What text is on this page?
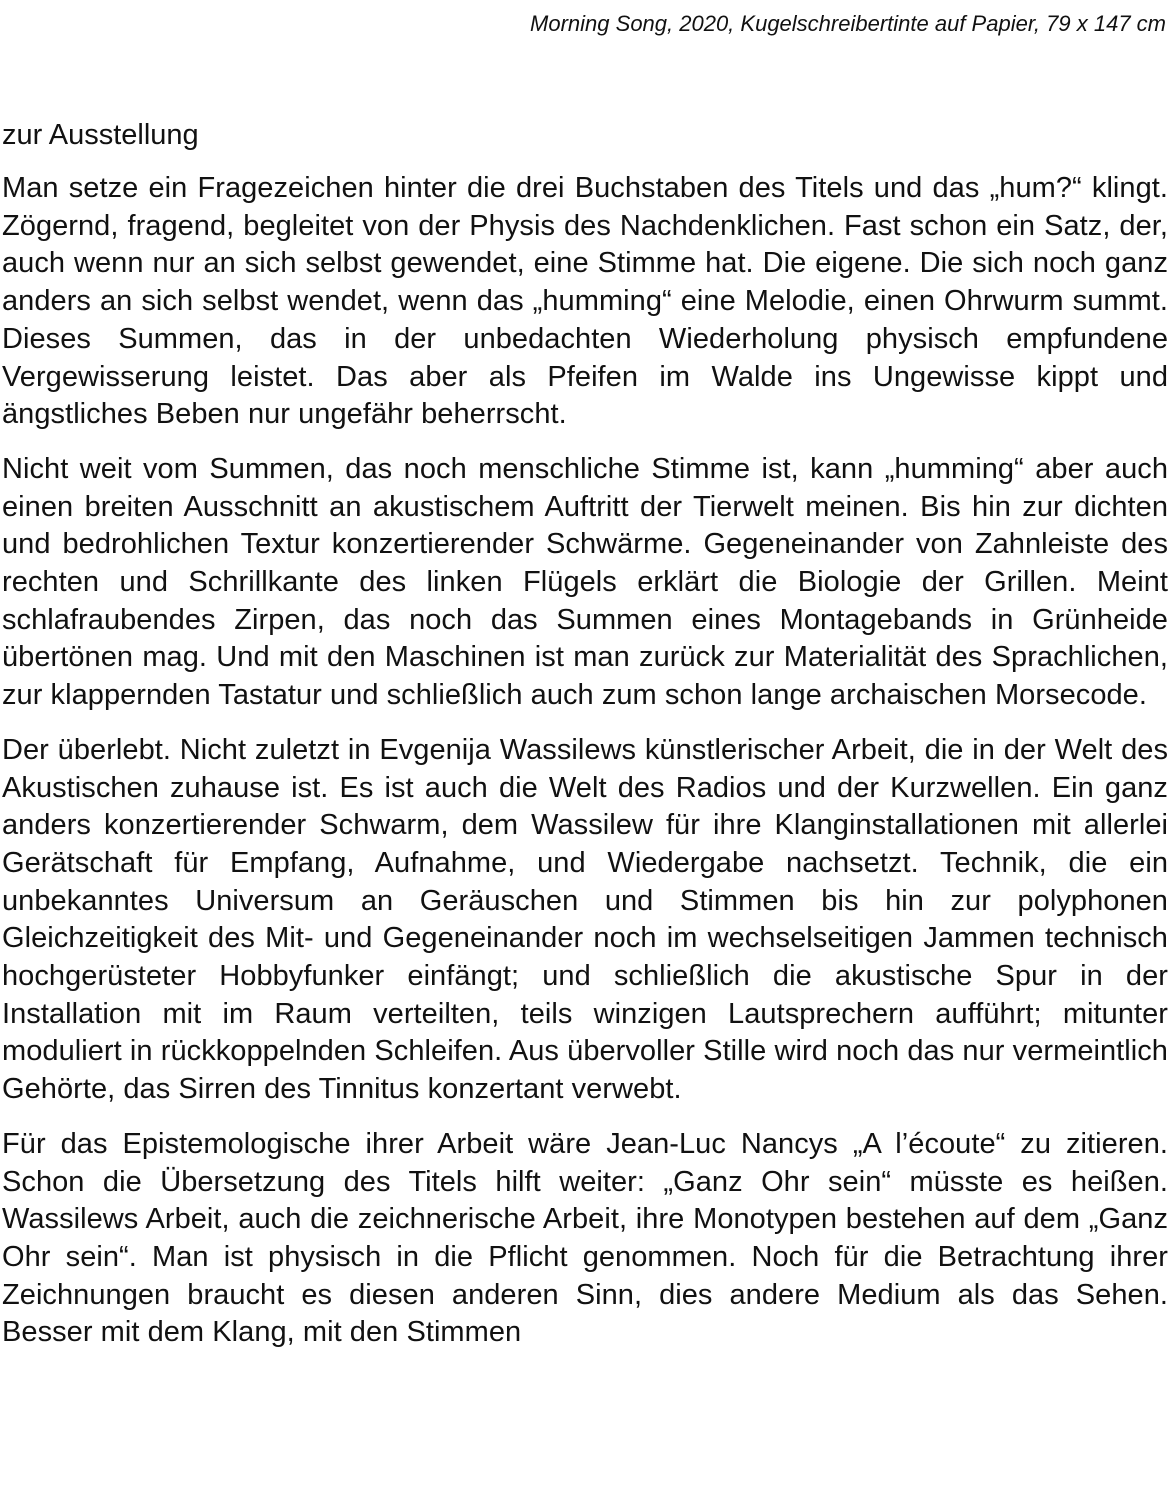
Morning Song, 2020, Kugelschreibertinte auf Papier, 79 x 147 cm
zur Ausstellung

Man setze ein Fragezeichen hinter die drei Buchstaben des Titels und das „hum?“ klingt. Zögernd, fragend, begleitet von der Physis des Nachdenklichen. Fast schon ein Satz, der, auch wenn nur an sich selbst gewendet, eine Stimme hat. Die eigene. Die sich noch ganz anders an sich selbst wendet, wenn das „humming“ eine Melodie, einen Ohrwurm summt. Dieses Summen, das in der unbedachten Wiederholung physisch empfundene Vergewisserung leistet. Das aber als Pfeifen im Walde ins Ungewisse kippt und ängstliches Beben nur ungefähr beherrscht.

Nicht weit vom Summen, das noch menschliche Stimme ist, kann „humming“ aber auch einen breiten Ausschnitt an akustischem Auftritt der Tierwelt meinen. Bis hin zur dichten und bedrohlichen Textur konzertierender Schwärme. Gegeneinander von Zahnleiste des rechten und Schrillkante des linken Flügels erklärt die Biologie der Grillen. Meint schlafraubendes Zirpen, das noch das Summen eines Montagebands in Grünheide übertönen mag. Und mit den Maschinen ist man zurück zur Materialität des Sprachlichen, zur klappernden Tastatur und schließlich auch zum schon lange archaischen Morsecode.

Der überlebt. Nicht zuletzt in Evgenija Wassilews künstlerischer Arbeit, die in der Welt des Akustischen zuhause ist. Es ist auch die Welt des Radios und der Kurzwellen. Ein ganz anders konzertierender Schwarm, dem Wassilew für ihre Klanginstallationen mit allerlei Gerätschaft für Empfang, Aufnahme, und Wiedergabe nachsetzt. Technik, die ein unbekanntes Universum an Geräuschen und Stimmen bis hin zur polyphonen Gleichzeitigkeit des Mit- und Gegeneinander noch im wechselseitigen Jammen technisch hochgerüsteter Hobbyfunker einfängt; und schließlich die akustische Spur in der Installation mit im Raum verteilten, teils winzigen Lautsprechern aufführt; mitunter moduliert in rückkoppelnden Schleifen. Aus übervoller Stille wird noch das nur vermeintlich Gehörte, das Sirren des Tinnitus konzertant verwebt.

Für das Epistemologische ihrer Arbeit wäre Jean-Luc Nancys „A l’écoute“ zu zitieren. Schon die Übersetzung des Titels hilft weiter: „Ganz Ohr sein“ müsste es heißen. Wassilews Arbeit, auch die zeichnerische Arbeit, ihre Monotypen bestehen auf dem „Ganz Ohr sein“. Man ist physisch in die Pflicht genommen. Noch für die Betrachtung ihrer Zeichnungen braucht es diesen anderen Sinn, dies andere Medium als das Sehen. Besser mit dem Klang, mit den Stimmen
